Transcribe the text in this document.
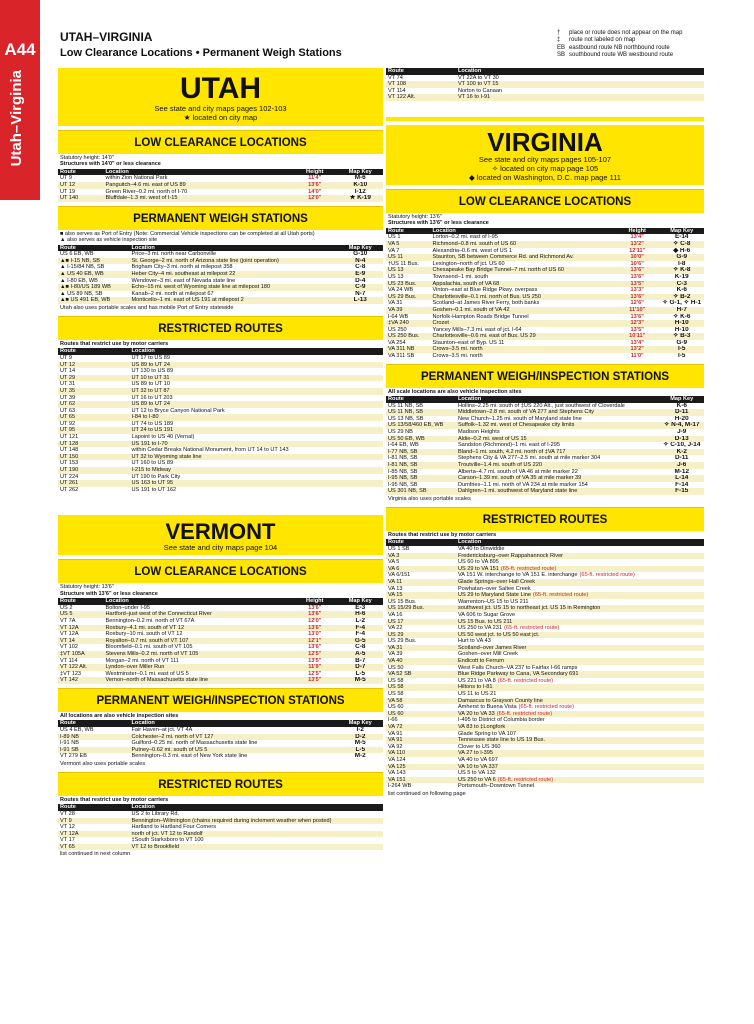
A44
Utah–Virginia
UTAH–VIRGINIA
Low Clearance Locations • Permanent Weigh Stations
†	place or route does not appear on the map
‡	route not labeled on map
EB	eastbound route NB northbound route
SB	southbound route WB westbound route
UTAH
See state and city maps pages 102-103
★ located on city map
LOW CLEARANCE LOCATIONS
Statutory height: 14'0"
Structures with 14'0" or less clearance
Route	Location	Height	Map Key
UT 9	within Zion National Park	11'4"	M-6
UT 12	Panguitch–4.6 mi. east of US 89	13'6"	K-10
UT 19	Green River–0.2 mi. north of I-70	14'0"	I-12
UT 140	Bluffdale–1.3 mi. west of I-15	12'0"	★ K-19
PERMANENT WEIGH STATIONS
■ also serves as Port of Entry (Note: Commercial Vehicle inspections can be completed at all Utah ports)
▲ also serves as vehicle inspection site
Route	Location	Map Key
US 6 EB, WB	Price–3 mi. north near Carbonville	G-10
▲■ I-15 NB, SB	St. George–2 mi. north of Arizona state line (joint operation)	N-4
▲ I-15/84 NB, SB	Brigham City–3 mi. north at milepost 358	C-8
▲ US 40 EB, WB	Heber City–4 mi. southeast at milepost 22	E-9
▲ I-80 EB, WB	Wendover–3 mi. east of Nevada state line	D-4
▲■ I-80/US 189 WB	Echo–15 mi. west of Wyoming state line at milepost 180	C-9
▲ US 89 NB, SB	Kanab–2 mi. north at milepost 67	N-7
▲■ US 491 EB, WB	Monticello–1 mi. east of US 191 at milepost 2	L-13
Utah also uses portable scales and has mobile Port of Entry statewide
RESTRICTED ROUTES
Routes that restrict use by motor carriers
Route	Location
UT 9	UT 17 to US 89
UT 12	US 89 to UT 24
UT 14	UT 130 to US 89
UT 29	UT 10 to UT 31
UT 31	US 89 to UT 10
UT 35	UT 32 to UT 87
UT 39	UT 16 to UT 203
UT 62	US 89 to UT 24
UT 63	UT 12 to Bryce Canyon National Park
UT 65	I-84 to I-80
UT 92	UT 74 to US 189
UT 95	UT 24 to US 191
UT 121	Lapoint to US 40 (Vernal)
UT 128	US 191 to I-70
UT 148	within Cedar Breaks National Monument, from UT 14 to UT 143
UT 150	UT 32 to Wyoming state line
UT 153	UT 160 to US 89
UT 190	I-215 to Midway
UT 224	UT 190 to Park City
UT 261	US 163 to UT 95
UT 262	US 191 to UT 162
VERMONT
See state and city maps page 104
LOW CLEARANCE LOCATIONS
Statutory height: 13'6"
Structure with 13'6" or less clearance
Route	Location	Height	Map Key
US 2	Bolton–under I-95	13'6"	E-3
US 5	Hartford–just west of the Connecticut River	13'6"	H-6
VT 7A	Bennington–0.2 mi. north of VT 67A	12'0"	L-2
VT 12A	Roxbury–4.1 mi. south of VT 12	13'6"	F-4
VT 12A	Roxbury–10 mi. south of VT 12	13'0"	F-4
VT 14	Royalton–0.7 mi. south of VT 107	12'1"	G-5
VT 102	Bloomfield–0.1 mi. south of VT 105	13'6"	C-8
‡VT 105A	Stevens Mills–0.2 mi. north of VT 105	12'5"	A-5
VT 114	Morgan–2 mi. north of VT 111	13'5"	B-7
VT 122 Alt.	Lyndon–over Miller Run	11'9"	D-7
‡VT 123	Westminster–0.1 mi. east of US 5	12'5"	L-5
VT 142	Vernon–north of Massachusetts state line	13'5"	M-5
PERMANENT WEIGH/INSPECTION STATIONS
All locations are also vehicle inspection sites
Route	Location	Map Key
US 4 EB, WB	Fair Haven–at jct. VT 4A	I-2
I-89 NB	Colchester–2 mi. north of VT 127	D-2
I-91 NB	Guilford–0.25 mi. north of Massachusetts state line	M-5
I-91 SB	Putney–0.62 mi. south of US 5	L-5
VT 279 EB	Bennington–0.3 mi. east of New York state line	M-2
Vermont also uses portable scales
RESTRICTED ROUTES
Routes that restrict use by motor carriers
Route	Location
VT 28	US 2 to Library Rd.
VT 9	Bennington–Wilmington (chains required during inclement weather when posted)
VT 12	Hartland to Hartland Four Corners
VT 12A	north of jct. VT 12 to Randolf
VT 17	‡South Starksboro to VT 100
VT 65	VT 12 to Brookfield
list continued in next column
Route	Location
VT 74	VT 22A to VT 30
VT 108	VT 100 to VT 15
VT 114	Norton to Canaan
VT 122 Alt.	VT 16 to I-91
VIRGINIA
See state and city maps pages 105-107
✧ located on city map page 105
◆ located on Washington, D.C. map page 111
LOW CLEARANCE LOCATIONS
Statutory height: 13'6"
Structures with 13'6" or less clearance
Route	Location	Height	Map Key
US 1	Lorton–0.2 mi. east of I-95	13'4"	E-14
VA 5	Richmond–0.8 mi. south of US 60	13'2"	✧ C-8
VA 7	Alexandria–0.6 mi. west of US 1	12'11"	◆ H-6
US 11	Staunton, SB between Commerce Rd. and Richmond Av.	10'0"	G-9
†US 11 Bus.	Lexington–north of jct. US 60	10'6"	I-8
US 13	Chesapeake Bay Bridge Tunnel–7 mi. north of US 60	13'6"	✧ K-8
US 13	Townsend–1 mi. south	13'6"	K-19
US 23 Bus.	Appalachia, south of VA 68	13'5"	C-3
VA 24 WB	Vinton–east at Blue Ridge Pkwy. overpass	13'3"	K-6
US 29 Bus.	Charlottesville–0.1 mi. north of Bus. US 250	13'6"	✧ B-2
VA 31	Scotland–at James River Ferry, both banks	12'6"	✧ G-1, ✧ H-1
VA 39	Goshen–0.1 mi. south of VA 42	11'10"	H-7
I-64 WB	Norfolk-Hampton Roads Bridge Tunnel	13'6"	✧ K-6
‡VA 240	Crozet	12'3"	H-10
US 250	Yancey Mills–7.3 mi. east of jct. I-64	13'5"	H-10
US 250 Bus.	Charlottesville–0.6 mi. east of Bus. US 29	10'11"	✧ B-3
VA 254	Staunton–east of Byp. US 11	13'4"	G-9
VA 311 NB	Crows–3.5 mi. north	13'2"	I-5
VA 311 SB	Crows–3.5 mi. north	11'0"	I-5
PERMANENT WEIGH/INSPECTION STATIONS
All scale locations are also vehicle inspection sites
Route	Location	Map Key
US 11 NB, SB	Hollins–2.25 mi. south of ‡US 220 Alt., just southwest of Cloverdale	K-6
US 11 NB, SB	Middletown–2.8 mi. south of VA 277 and Stephens City	D-11
US 13 NB, SB	New Church–1.25 mi. south of Maryland state line	H-20
US 13/58/460 EB, WB	Suffolk–1.32 mi. west of Chesapeake city limits	✧ N-4, M-17
US 29 NB	Madison Heights	J-9
US 50 EB, WB	Aldie–0.2 mi. west of US 15	D-13
I-64 EB, WB	Sandston (Richmond)–1 mi. east of I-295	✧ C-10, J-14
I-77 NB, SB	Bland–1 mi. south, 4.2 mi. north of ‡VA 717	K-2
I-81 NB, SB	Stephens City & VA 277–2.5 mi. south at mile marker 304	D-11
I-81 NB, SB	Troutville–1.4 mi. south of US 220	J-6
I-85 NB, SB	Alberta–4.7 mi. south of VA 46 at mile marker 22	M-12
I-95 NB, SB	Carson–1.39 mi. south of VA 35 at mile marker 39	L-14
I-95 NB, SB	Dumfries–1.1 mi. north of VA 234 at mile marker 154	F-14
US 301 NB, SB	Dahlgren–1 mi. southwest of Maryland state line	F-15
Virginia also uses portable scales
RESTRICTED ROUTES
Routes that restrict use by motor carriers
Route	Location
US 1 SB	VA 40 to Dinwiddie
VA 3	Fredericksburg–over Rappahannock River
VA 5	US 60 to VA 895
VA 6	US 29 to VA 151 (65-ft. restricted route)
VA 6/151	VA 151 W. interchange to VA 151 E. interchange (65-ft. restricted route)
VA 11	Glade Springs–over Hall Creek
VA 13	Powhatan–over Saltee Creek
VA 15	US 29 to Maryland State Line (65-ft. restricted route)
US 15 Bus.	Warrenton–US 15 to US 211
US 15/29 Bus.	southwest jct. US 15 to northeast jct. US 15 in Remington
VA 16	VA 606 to Sugar Grove
US 17	US 15 Bus. to US 211
VA 22	US 250 to VA 231 (65-ft. restricted route)
US 29	US 50 west jct. to US 50 east jct.
US 29 Bus.	Hurt to VA 43
VA 31	Scotland–over James River
VA 39	Goshen–over Mill Creek
VA 40	Endicott to Ferrum
US 50	West Falls Church–VA 237 to Fairfax I-66 ramps
VA 52 SB	Blue Ridge Parkway to Cana, VA Secondary 691
US 58	US 221 to VA 8 (65-ft. restricted route)
US 58	Hiltons to I-81
US 58	US 11 to US 21
VA 58	Damascus to Grayson County line
US 60	Amherst to Buena Vista (65-ft. restricted route)
US 60	VA 20 to VA 33 (65-ft. restricted route)
I-66	I-495 to District of Columbia border
VA 72	VA 83 to ‡Longfork
VA 91	Glade Spring to VA 107
VA 91	Tennessee state line to US 19 Bus.
VA 92	Clover to US 360
VA 110	VA 27 to I-395
VA 124	VA 40 to VA 697
VA 125	VA 10 to VA 337
VA 143	US 5 to VA 132
VA 151	US 250 to VA 6 (65-ft. restricted route)
I-264 WB	Portsmouth–Downtown Tunnel
list continued on following page
